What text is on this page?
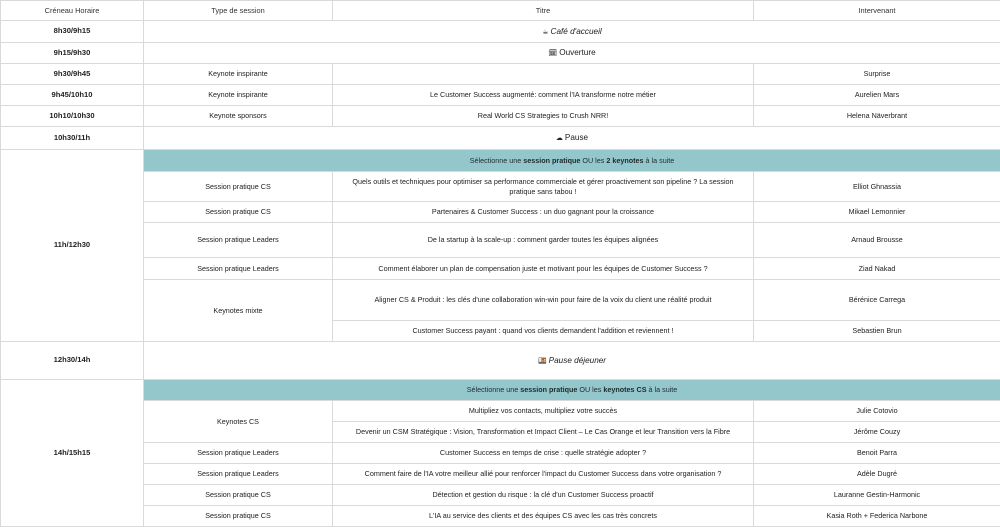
Créneau Horaire	Type de session	Titre	Intervenant
8h30/9h15	☕ Café d'accueil		
9h15/9h30	🗓 Ouverture		
9h30/9h45	Keynote inspirante		Surprise
9h45/10h10	Keynote inspirante	Le Customer Success augmenté: comment l'IA transforme notre métier	Aurelien Mars
10h10/10h30	Keynote sponsors	Real World CS Strategies to Crush NRR!	Helena Näverbrant
10h30/11h	☁ Pause		
11h/12h30	Sélectionne une session pratique OU les 2 keynotes à la suite		
	Session pratique CS	Quels outils et techniques pour optimiser sa performance commerciale et gérer proactivement son pipeline ? La session pratique sans tabou !	Elliot Ghnassia
	Session pratique CS	Partenaires & Customer Success : un duo gagnant pour la croissance	Mikael Lemonnier
	Session pratique Leaders	De la startup à la scale-up : comment garder toutes les équipes alignées	Arnaud Brousse
	Session pratique Leaders	Comment élaborer un plan de compensation juste et motivant pour les équipes de Customer Success ?	Ziad Nakad
	Keynotes mixte	Aligner CS & Produit : les clés d'une collaboration win-win pour faire de la voix du client une réalité produit	Bérénice Carrega
		Customer Success payant : quand vos clients demandent l'addition et reviennent !	Sebastien Brun
12h30/14h	🍱 Pause déjeuner		
14h/15h15	Sélectionne une session pratique OU les keynotes CS à la suite		
	Keynotes CS	Multipliez vos contacts, multipliez votre succès	Julie Cotovio
		Devenir un CSM Stratégique : Vision, Transformation et Impact Client – Le Cas Orange et leur Transition vers la Fibre	Jérôme Couzy
	Session pratique Leaders	Customer Success en temps de crise : quelle stratégie adopter ?	Benoit Parra
	Session pratique Leaders	Comment faire de l'IA votre meilleur allié pour renforcer l'impact du Customer Success dans votre organisation ?	Adèle Dugré
	Session pratique CS	Détection et gestion du risque : la clé d'un Customer Success proactif	Lauranne Gestin-Harmonic
	Session pratique CS	L'IA au service des clients et des équipes CS avec les cas très concrets	Kasia Roth + Federica Narbone
